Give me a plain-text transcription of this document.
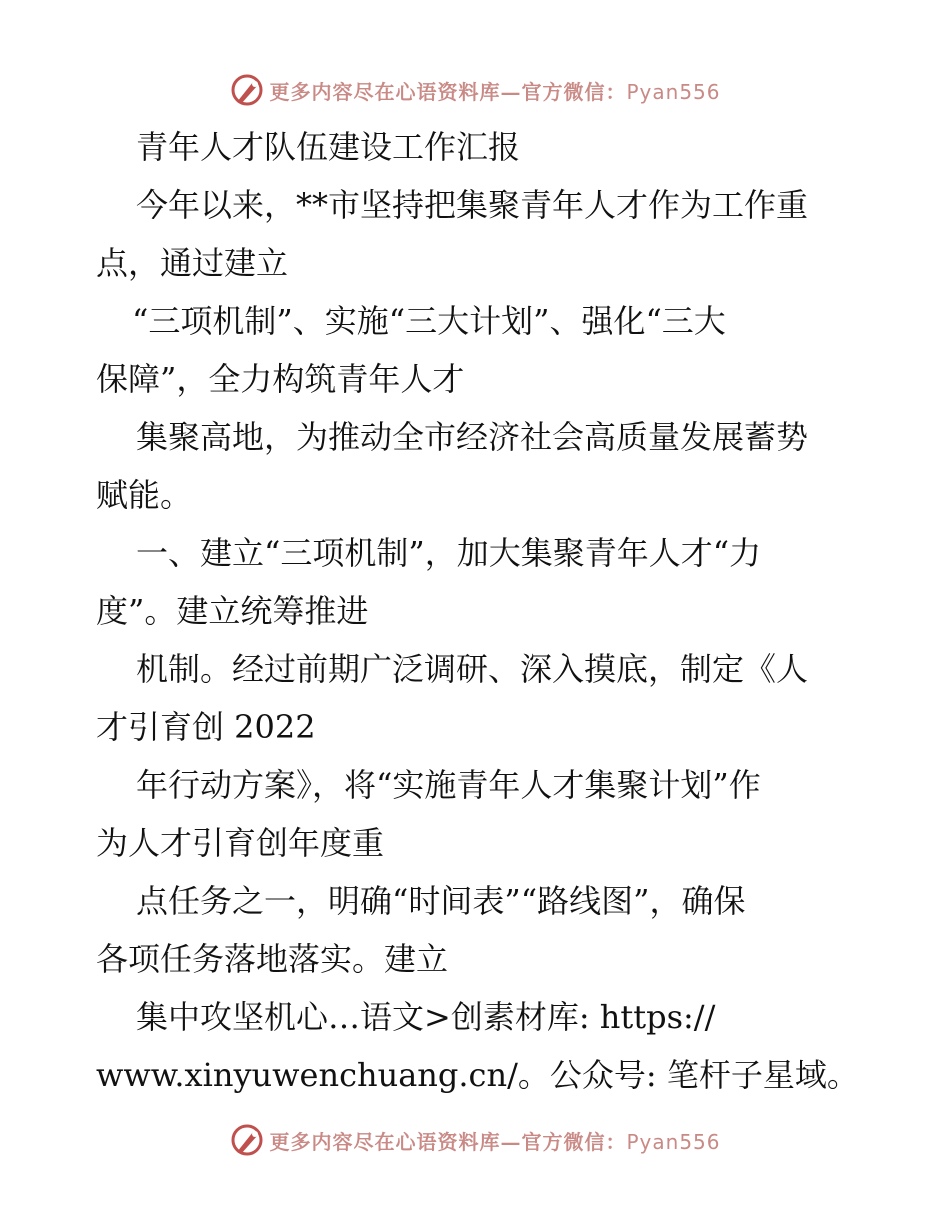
更多内容尽在心语资料库—官方微信：Pyan556
青年人才队伍建设工作汇报
今年以来，**市坚持把集聚青年人才作为工作重
点，通过建立
“三项机制”、实施“三大计划”、强化“三大
保障”，全力构筑青年人才
集聚高地，为推动全市经济社会高质量发展蓄势
赋能。
一、建立“三项机制”，加大集聚青年人才“力
度”。建立统筹推进
机制。经过前期广泛调研、深入摸底，制定《人
才引育创 2022
年行动方案》，将“实施青年人才集聚计划”作
为人才引育创年度重
点任务之一，明确“时间表”“路线图”，确保
各项任务落地落实。建立
集中攻坚机心…语文>创素材库: https://
www.xinyuwenchuang.cn/。公众号: 笔杆子星域。
更多内容尽在心语资料库—官方微信：Pyan556
